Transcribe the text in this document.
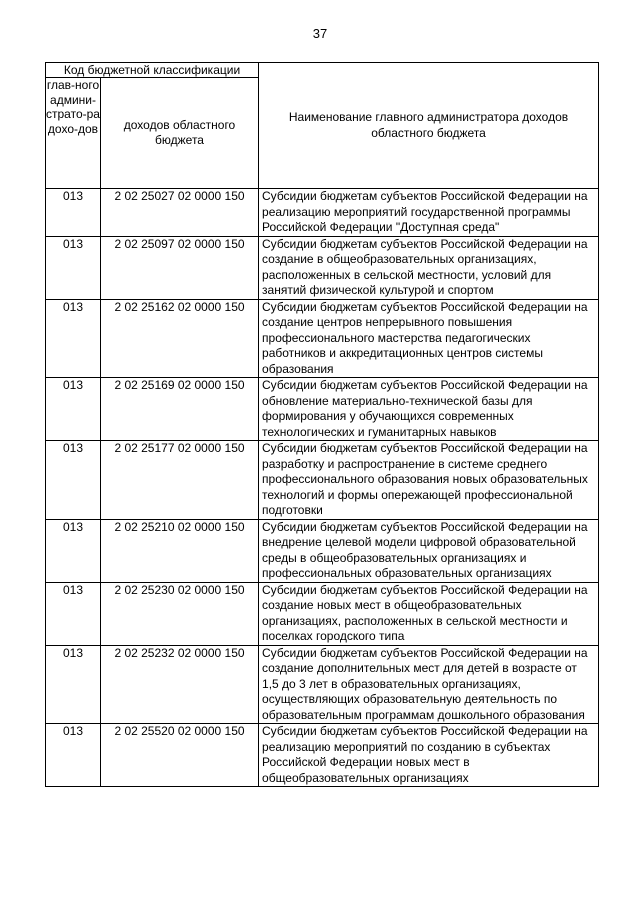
37
Код бюджетной классификации		Наименование главного администратора доходов областного бюджета
глав-ного админи-страто-ра дохо-дов	доходов областного бюджета	
013	2 02 25027 02 0000 150	Субсидии бюджетам субъектов Российской Федерации на реализацию мероприятий государственной программы Российской Федерации "Доступная среда"
013	2 02 25097 02 0000 150	Субсидии бюджетам субъектов Российской Федерации на создание в общеобразовательных организациях, расположенных в сельской местности, условий для занятий физической культурой и спортом
013	2 02 25162 02 0000 150	Субсидии бюджетам субъектов Российской Федерации на создание центров непрерывного повышения профессионального мастерства педагогических работников и аккредитационных центров системы образования
013	2 02 25169 02 0000 150	Субсидии бюджетам субъектов Российской Федерации на обновление материально-технической базы для формирования у обучающихся современных технологических и гуманитарных навыков
013	2 02 25177 02 0000 150	Субсидии бюджетам субъектов Российской Федерации на разработку и распространение в системе среднего профессионального образования новых образовательных технологий и формы опережающей профессиональной подготовки
013	2 02 25210 02 0000 150	Субсидии бюджетам субъектов Российской Федерации на внедрение целевой модели цифровой образовательной среды в общеобразовательных организациях и профессиональных образовательных организациях
013	2 02 25230 02 0000 150	Субсидии бюджетам субъектов Российской Федерации на создание новых мест в общеобразовательных организациях, расположенных в сельской местности и поселках городского типа
013	2 02 25232 02 0000 150	Субсидии бюджетам субъектов Российской Федерации на создание дополнительных мест для детей в возрасте от 1,5 до 3 лет в образовательных организациях, осуществляющих образовательную деятельность по образовательным программам дошкольного образования
013	2 02 25520 02 0000 150	Субсидии бюджетам субъектов Российской Федерации на реализацию мероприятий по созданию в субъектах Российской Федерации новых мест в общеобразовательных организациях
